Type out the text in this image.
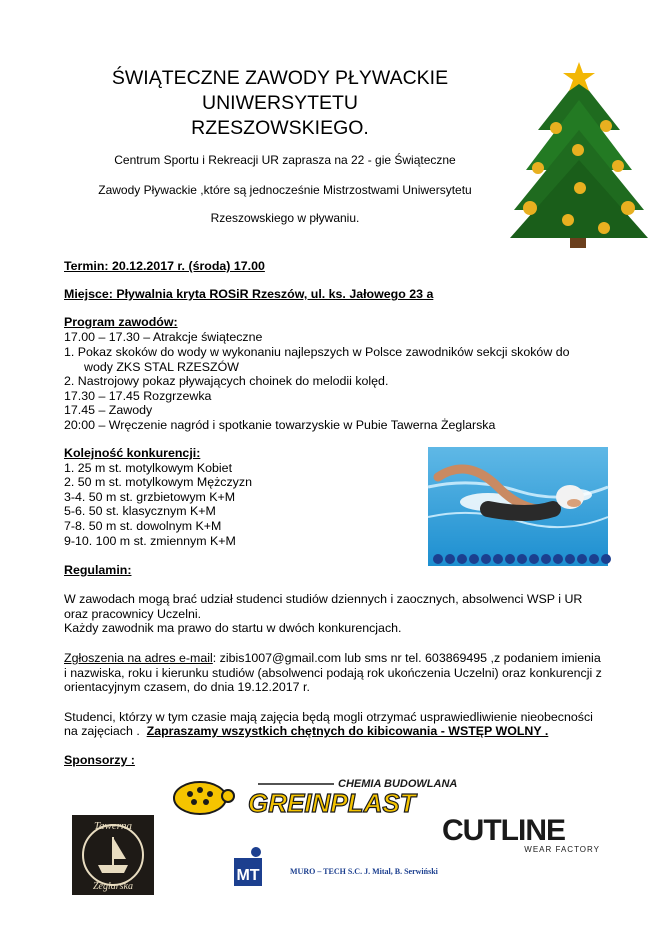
ŚWIĄTECZNE ZAWODY PŁYWACKIE
UNIWERSYTETU
RZESZOWSKIEGO.
Centrum Sportu i Rekreacji UR zaprasza na 22 - gie Świąteczne
Zawody Pływackie ,które są jednocześnie Mistrzostwami Uniwersytetu
Rzeszowskiego w pływaniu.
Termin: 20.12.2017 r. (środa) 17.00
Miejsce: Pływalnia kryta ROSiR Rzeszów, ul. ks. Jałowego 23 a
Program zawodów:
17.00 – 17.30 – Atrakcje świąteczne
1. Pokaz skoków do wody w wykonaniu najlepszych w Polsce zawodników sekcji skoków do
wody ZKS STAL RZESZÓW
2. Nastrojowy pokaz pływających choinek do melodii kolęd.
17.30 – 17.45 Rozgrzewka
17.45 – Zawody
20:00 – Wręczenie nagród i spotkanie towarzyskie w Pubie Tawerna Żeglarska
Kolejność konkurencji:
1. 25 m st. motylkowym Kobiet
2. 50 m st. motylkowym Mężczyzn
3-4. 50 m st. grzbietowym K+M
5-6. 50 st. klasycznym K+M
7-8. 50 m st. dowolnym K+M
9-10. 100 m st. zmiennym K+M
Regulamin:
W zawodach mogą brać udział studenci studiów dziennych i zaocznych, absolwenci WSP i UR
oraz pracownicy Uczelni.
Każdy zawodnik ma prawo do startu w dwóch konkurencjach.
Zgłoszenia na adres e-mail: zibis1007@gmail.com lub sms nr tel. 603869495 ,z podaniem imienia
i nazwiska, roku i kierunku studiów (absolwenci podają rok ukończenia Uczelni) oraz konkurencji z
orientacyjnym czasem, do dnia 19.12.2017 r.
Studenci, którzy w tym czasie mają zajęcia będą mogli otrzymać usprawiedliwienie nieobecności
na zajęciach .  Zapraszamy wszystkich chętnych do kibicowania - WSTĘP WOLNY .
Sponsorzy :
CHEMIA BUDOWLANA
GREINPLAST
Tawerna
Żeglarska
MT	MURO – TECH S.C. J. Mital, B. Serwiński
CUTLINE
WEAR FACTORY
